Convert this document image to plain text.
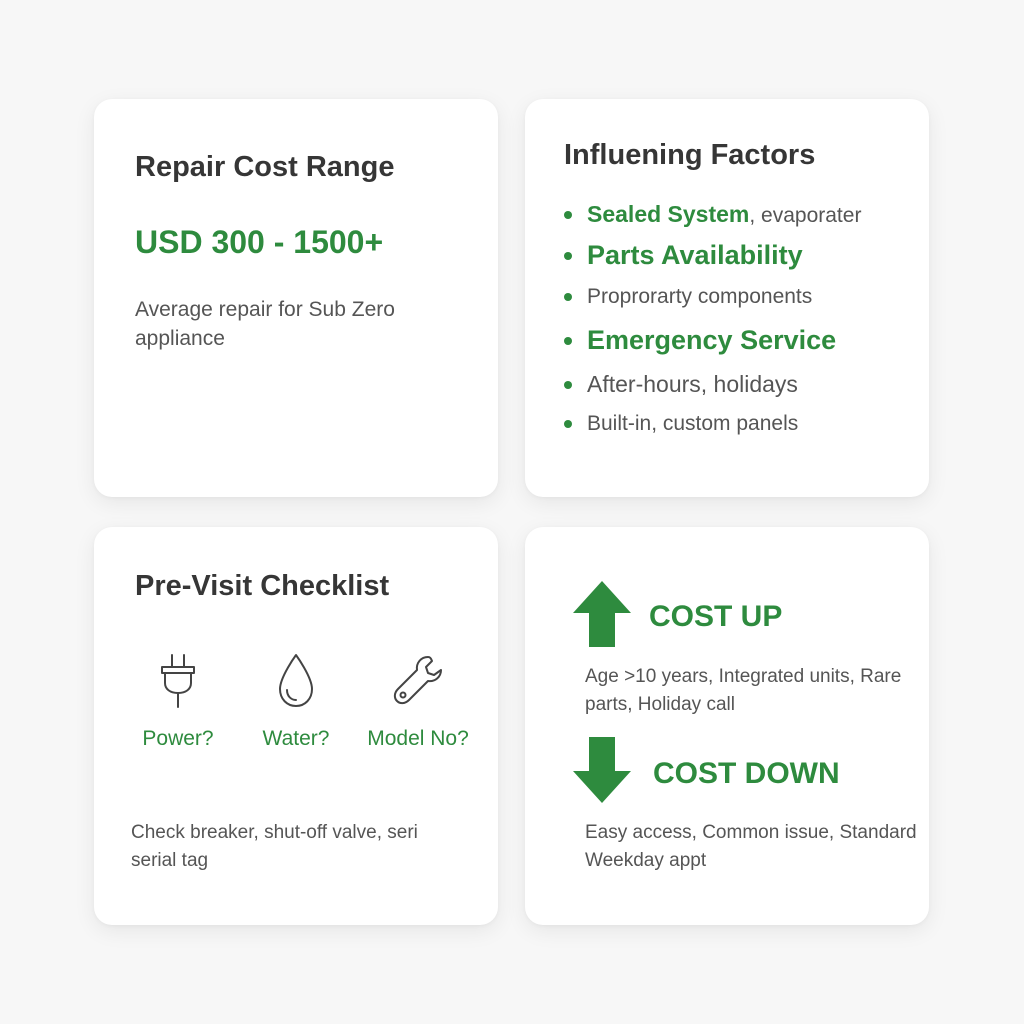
Repair Cost Range
USD 300 - 1500+
Average repair for Sub Zero appliance
Influening Factors
Sealed System, evaporater
Parts Availability
Proprorarty components
Emergency Service
After-hours, holidays
Built-in, custom panels
Pre-Visit Checklist
Power?	Water?	Model No?
Check breaker, shut-off valve, seri serial tag
COST UP
Age >10 years, Integrated units, Rare parts, Holiday call
COST DOWN
Easy access, Common issue, Standard Weekday appt
